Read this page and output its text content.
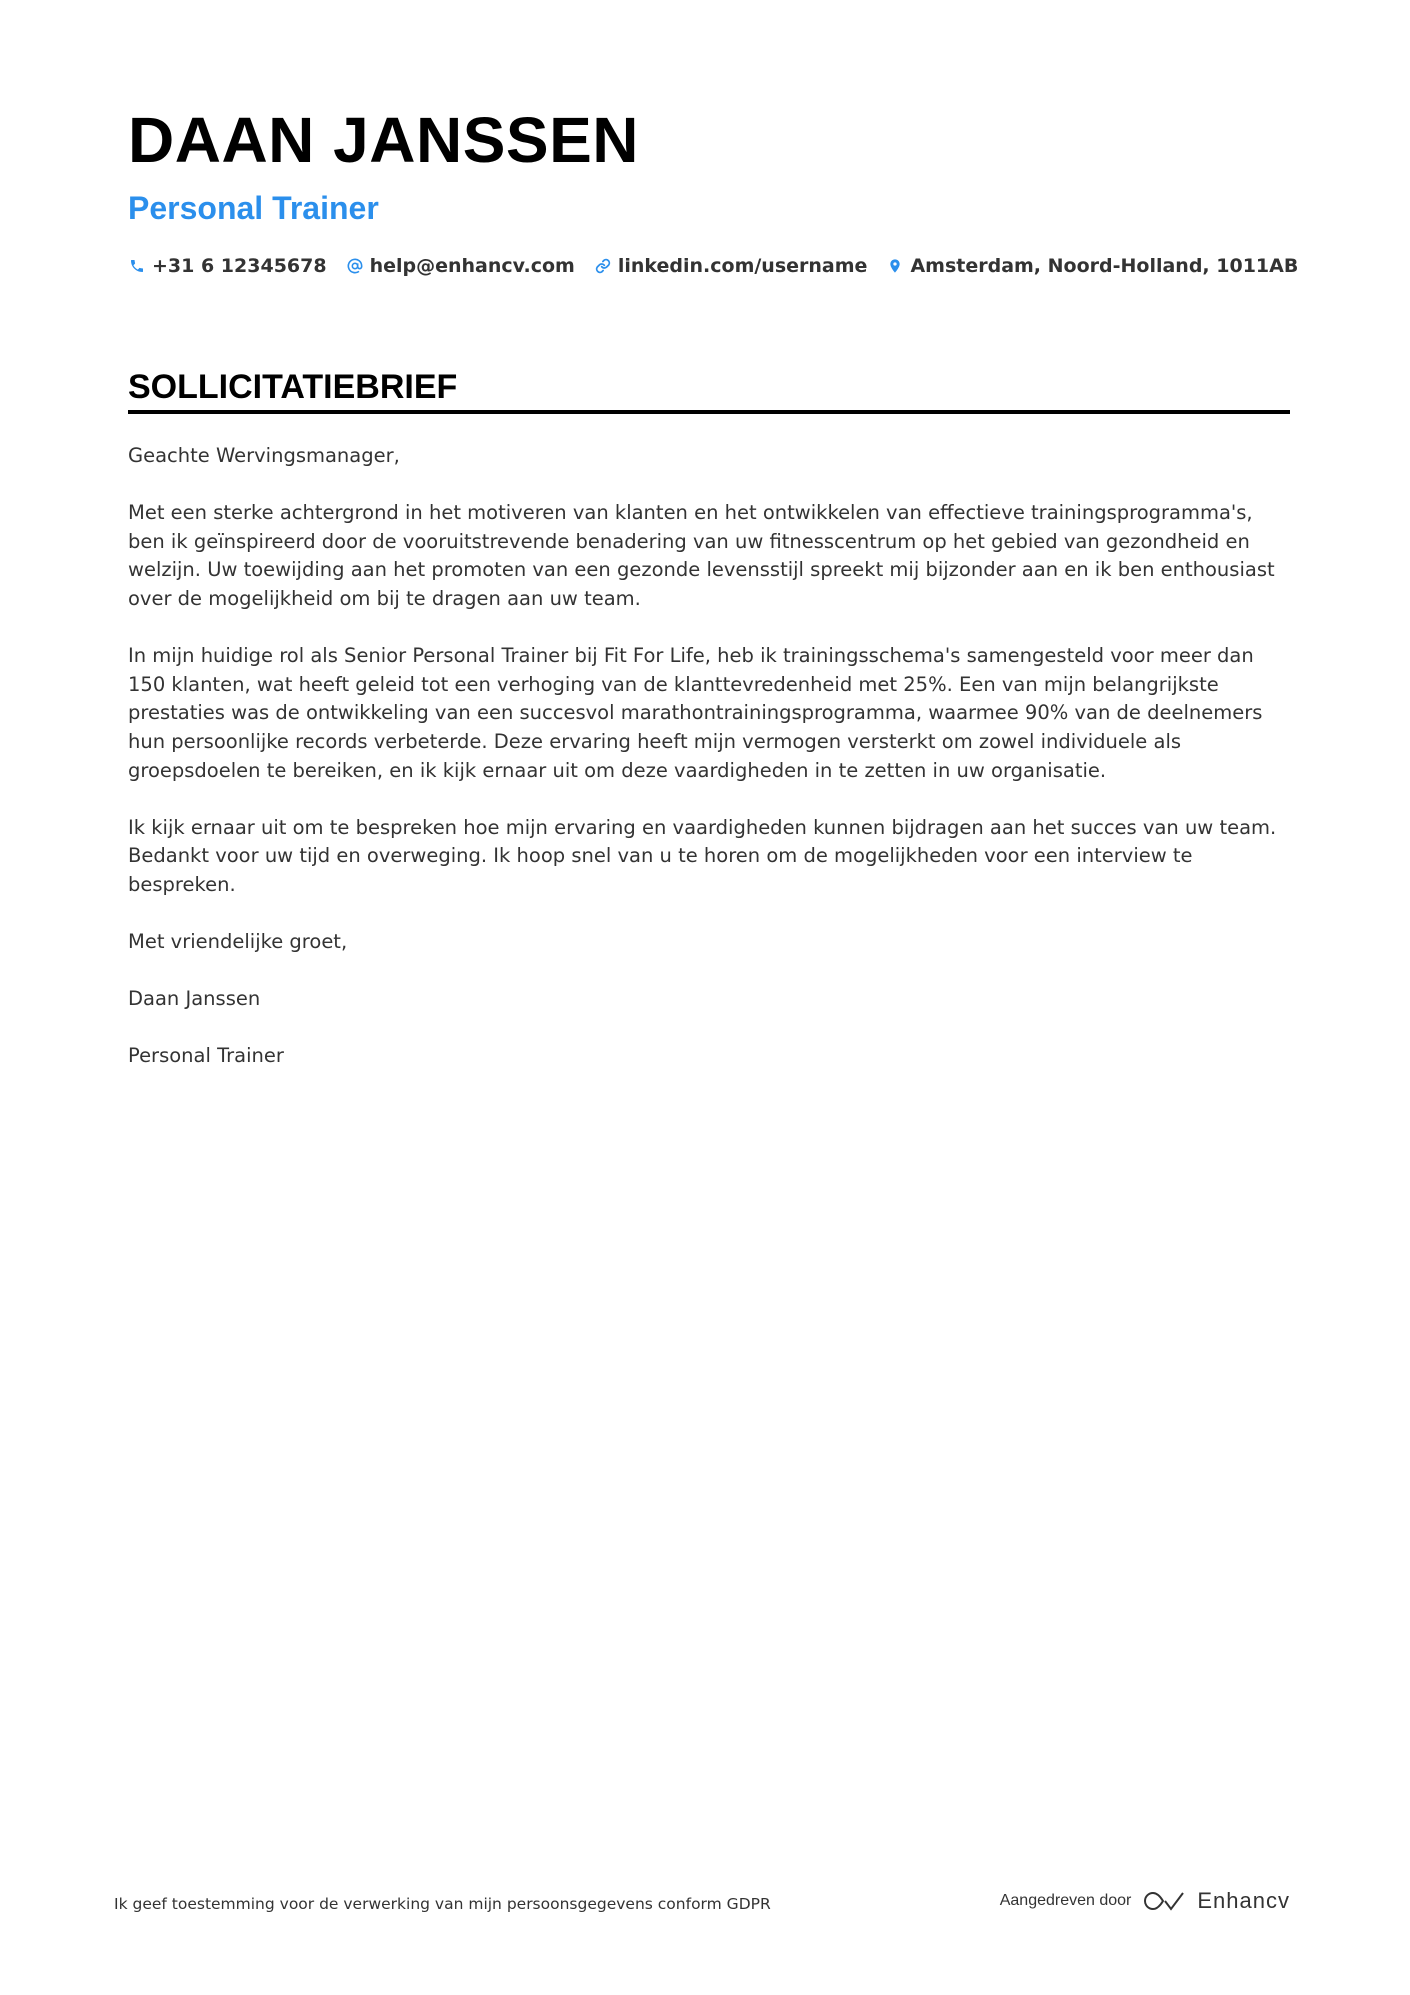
DAAN JANSSEN
Personal Trainer
+31 6 12345678 help@enhancv.com linkedin.com/username Amsterdam, Noord-Holland, 1011AB
SOLLICITATIEBRIEF

Geachte Wervingsmanager,

Met een sterke achtergrond in het motiveren van klanten en het ontwikkelen van effectieve trainingsprogramma's, ben ik geïnspireerd door de vooruitstrevende benadering van uw fitnesscentrum op het gebied van gezondheid en welzijn. Uw toewijding aan het promoten van een gezonde levensstijl spreekt mij bijzonder aan en ik ben enthousiast over de mogelijkheid om bij te dragen aan uw team.

In mijn huidige rol als Senior Personal Trainer bij Fit For Life, heb ik trainingsschema's samengesteld voor meer dan 150 klanten, wat heeft geleid tot een verhoging van de klanttevredenheid met 25%. Een van mijn belangrijkste prestaties was de ontwikkeling van een succesvol marathontrainingsprogramma, waarmee 90% van de deelnemers hun persoonlijke records verbeterde. Deze ervaring heeft mijn vermogen versterkt om zowel individuele als groepsdoelen te bereiken, en ik kijk ernaar uit om deze vaardigheden in te zetten in uw organisatie.

Ik kijk ernaar uit om te bespreken hoe mijn ervaring en vaardigheden kunnen bijdragen aan het succes van uw team. Bedankt voor uw tijd en overweging. Ik hoop snel van u te horen om de mogelijkheden voor een interview te bespreken.

Met vriendelijke groet,

Daan Janssen

Personal Trainer

Ik geef toestemming voor de verwerking van mijn persoonsgegevens conform GDPR	Aangedreven door	Enhancv
